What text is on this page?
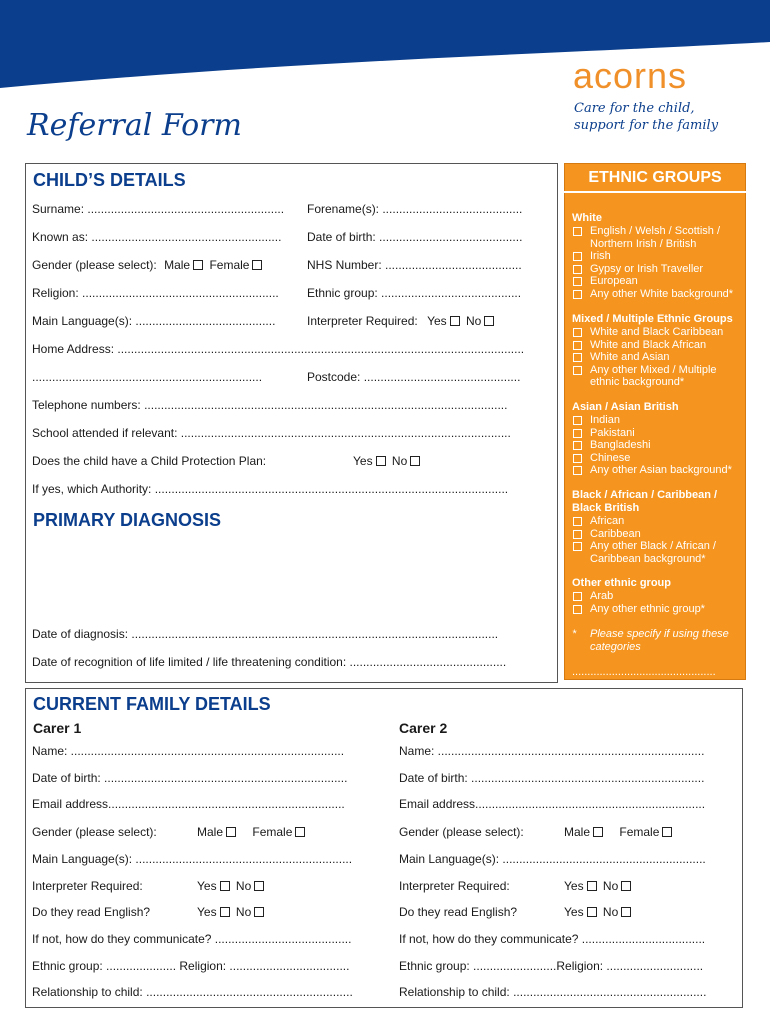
acorns
Care for the child, support for the family
Referral Form
CHILD’S DETAILS
Surname: ........................................................... Forename(s): ..........................................
Known as: ......................................................... Date of birth: ...........................................
Gender (please select): Male Female	NHS Number: .........................................
Religion: ........................................................... Ethnic group: ..........................................
Main Language(s): ..........................................	Interpreter Required: Yes No
Home Address: ..........................................................................................................................
.....................................................................	Postcode: ...............................................
Telephone numbers: .............................................................................................................
School attended if relevant: ...................................................................................................
Does the child have a Child Protection Plan:	Yes No
If yes, which Authority: ..........................................................................................................
PRIMARY DIAGNOSIS
Date of diagnosis: ..............................................................................................................
Date of recognition of life limited / life threatening condition: ...............................................
ETHNIC GROUPS
White
English / Welsh / Scottish / Northern Irish / British
Irish
Gypsy or Irish Traveller
European
Any other White background*
Mixed / Multiple Ethnic Groups
White and Black Caribbean
White and Black African
White and Asian
Any other Mixed / Multiple ethnic background*
Asian / Asian British
Indian
Pakistani
Bangladeshi
Chinese
Any other Asian background*
Black / African / Caribbean / Black British
African
Caribbean
Any other Black / African / Caribbean background*
Other ethnic group
Arab
Any other ethnic group*
*	Please specify if using these categories
...............................................
CURRENT FAMILY DETAILS
Carer 1	Carer 2
Name: ..................................................................................	Name: ................................................................................
Date of birth: .........................................................................	Date of birth: ......................................................................
Email address.......................................................................	Email address.....................................................................
Gender (please select):	Male Female	Gender (please select):	Male Female
Main Language(s): .................................................................	Main Language(s): .............................................................
Interpreter Required:	Yes No	Interpreter Required:	Yes No
Do they read English?	Yes No	Do they read English?	Yes No
If not, how do they communicate? .........................................	If not, how do they communicate? .....................................
Ethnic group: ..................... Religion: ....................................	Ethnic group: .........................Religion: .............................
Relationship to child: ..............................................................	Relationship to child: ..........................................................
